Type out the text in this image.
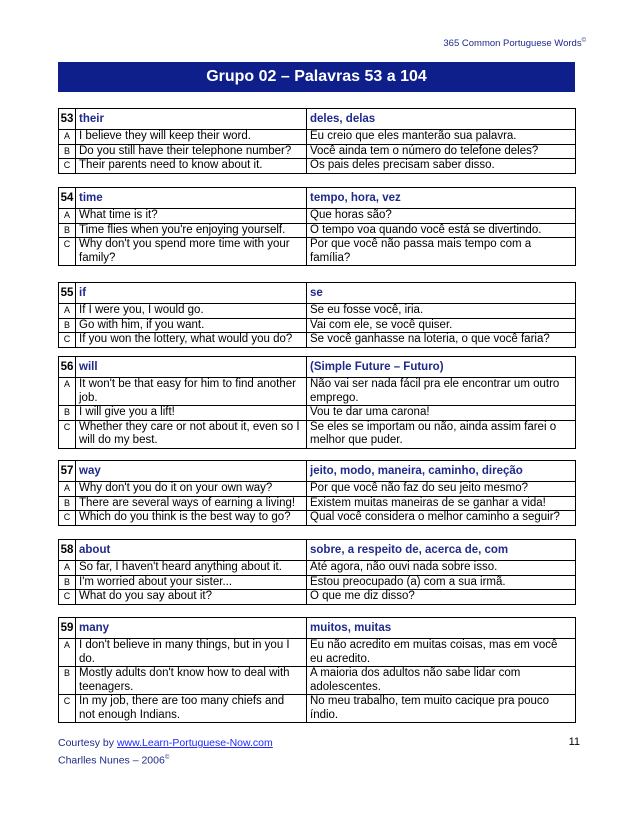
365 Common Portuguese Words©
Grupo 02 – Palavras 53 a 104
53	their	deles, delas
A	I believe they will keep their word.	Eu creio que eles manterão sua palavra.
B	Do you still have their telephone number?	Você ainda tem o número do telefone deles?
C	Their parents need to know about it.	Os pais deles precisam saber disso.
54	time	tempo, hora, vez
A	What time is it?	Que horas são?
B	Time flies when you're enjoying yourself.	O tempo voa quando você está se divertindo.
C	Why don't you spend more time with your family?	Por que você não passa mais tempo com a família?
55	if	se
A	If I were you, I would go.	Se eu fosse você, iria.
B	Go with him, if you want.	Vai com ele, se você quiser.
C	If you won the lottery, what would you do?	Se você ganhasse na loteria, o que você faria?
56	will	(Simple Future – Futuro)
A	It won't be that easy for him to find another job.	Não vai ser nada fácil pra ele encontrar um outro emprego.
B	I will give you a lift!	Vou te dar uma carona!
C	Whether they care or not about it, even so I will do my best.	Se eles se importam ou não, ainda assim farei o melhor que puder.
57	way	jeito, modo, maneira, caminho, direção
A	Why don't you do it on your own way?	Por que você não faz do seu jeito mesmo?
B	There are several ways of earning a living!	Existem muitas maneiras de se ganhar a vida!
C	Which do you think is the best way to go?	Qual você considera o melhor caminho a seguir?
58	about	sobre, a respeito de, acerca de, com
A	So far, I haven't heard anything about it.	Até agora, não ouvi nada sobre isso.
B	I'm worried about your sister...	Estou preocupado (a) com a sua irmã.
C	What do you say about it?	O que me diz disso?
59	many	muitos, muitas
A	I don't believe in many things, but in you I do.	Eu não acredito em muitas coisas, mas em você eu acredito.
B	Mostly adults don't know how to deal with teenagers.	A maioria dos adultos não sabe lidar com adolescentes.
C	In my job, there are too many chiefs and not enough Indians.	No meu trabalho, tem muito cacique pra pouco índio.
Courtesy by www.Learn-Portuguese-Now.com
Charlles Nunes – 2006©
11
